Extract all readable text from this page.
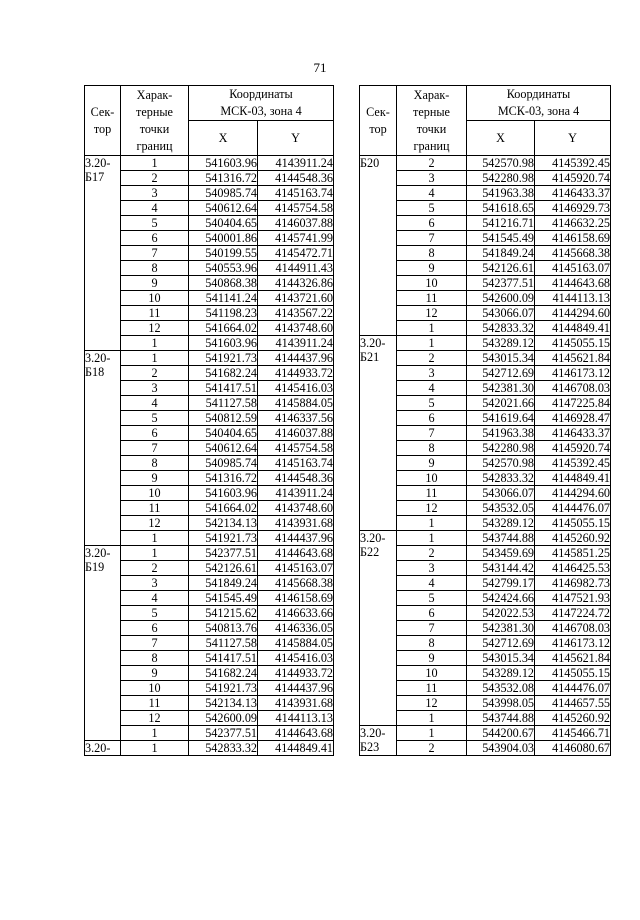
71
Сек-
тор	Харак-
терные
точки
границ	Координаты
МСК-03, зона 4	

		X	Y

3.20-
Б17	1	541603.96	4143911.24
	2	541316.72	4144548.36
	3	540985.74	4145163.74
	4	540612.64	4145754.58
	5	540404.65	4146037.88
	6	540001.86	4145741.99
	7	540199.55	4145472.71
	8	540553.96	4144911.43
	9	540868.38	4144326.86
	10	541141.24	4143721.60
	11	541198.23	4143567.22
	12	541664.02	4143748.60
	1	541603.96	4143911.24

3.20-
Б18	1	541921.73	4144437.96
	2	541682.24	4144933.72
	3	541417.51	4145416.03
	4	541127.58	4145884.05
	5	540812.59	4146337.56
	6	540404.65	4146037.88
	7	540612.64	4145754.58
	8	540985.74	4145163.74
	9	541316.72	4144548.36
	10	541603.96	4143911.24
	11	541664.02	4143748.60
	12	542134.13	4143931.68
	1	541921.73	4144437.96

3.20-
Б19	1	542377.51	4144643.68
	2	542126.61	4145163.07
	3	541849.24	4145668.38
	4	541545.49	4146158.69
	5	541215.62	4146633.66
	6	540813.76	4146336.05
	7	541127.58	4145884.05
	8	541417.51	4145416.03
	9	541682.24	4144933.72
	10	541921.73	4144437.96
	11	542134.13	4143931.68
	12	542600.09	4144113.13
	1	542377.51	4144643.68

3.20-	1	542833.32	4144849.41
Сек-
тор	Харак-
терные
точки
границ	Координаты
МСК-03, зона 4	

		X	Y

Б20	2	542570.98	4145392.45
	3	542280.98	4145920.74
	4	541963.38	4146433.37
	5	541618.65	4146929.73
	6	541216.71	4146632.25
	7	541545.49	4146158.69
	8	541849.24	4145668.38
	9	542126.61	4145163.07
	10	542377.51	4144643.68
	11	542600.09	4144113.13
	12	543066.07	4144294.60
	1	542833.32	4144849.41

3.20-
Б21	1	543289.12	4145055.15
	2	543015.34	4145621.84
	3	542712.69	4146173.12
	4	542381.30	4146708.03
	5	542021.66	4147225.84
	6	541619.64	4146928.47
	7	541963.38	4146433.37
	8	542280.98	4145920.74
	9	542570.98	4145392.45
	10	542833.32	4144849.41
	11	543066.07	4144294.60
	12	543532.05	4144476.07
	1	543289.12	4145055.15

3.20-
Б22	1	543744.88	4145260.92
	2	543459.69	4145851.25
	3	543144.42	4146425.53
	4	542799.17	4146982.73
	5	542424.66	4147521.93
	6	542022.53	4147224.72
	7	542381.30	4146708.03
	8	542712.69	4146173.12
	9	543015.34	4145621.84
	10	543289.12	4145055.15
	11	543532.08	4144476.07
	12	543998.05	4144657.55
	1	543744.88	4145260.92

3.20-
Б23	1	544200.67	4145466.71
	2	543904.03	4146080.67
